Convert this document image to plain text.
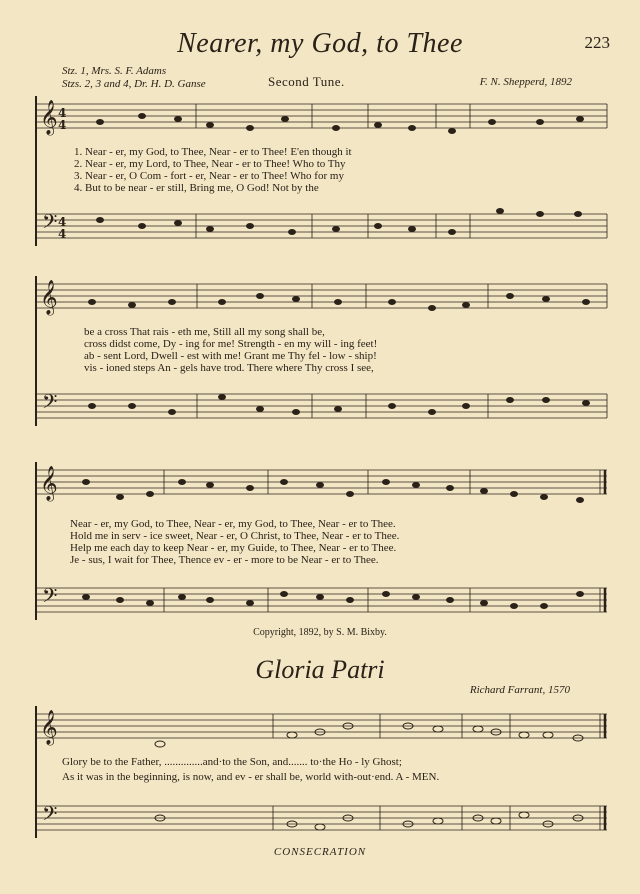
𝄞 4
4
𝄢 4
4
𝄞
𝄢
𝄞
𝄢
𝄞
𝄢
Nearer, my God, to Thee	223
Stz. 1, Mrs. S. F. Adams
Stzs. 2, 3 and 4, Dr. H. D. Ganse	Second Tune.	F. N. Shepperd, 1892
1. Near - er, my God, to Thee, Near - er to Thee! E'en though it
2. Near - er, my Lord, to Thee, Near - er to Thee! Who to Thy
3. Near - er, O Com - fort - er, Near - er to Thee! Who for my
4. But to be near - er still, Bring me, O God! Not by the
be a cross That rais - eth me, Still all my song shall be,
cross didst come, Dy - ing for me! Strength - en my will - ing feet!
ab - sent Lord, Dwell - est with me! Grant me Thy fel - low - ship!
vis - ioned steps An - gels have trod. There where Thy cross I see,
Near - er, my God, to Thee, Near - er, my God, to Thee, Near - er to Thee.
Hold me in serv - ice sweet, Near - er, O Christ, to Thee, Near - er to Thee.
Help me each day to keep Near - er, my Guide, to Thee, Near - er to Thee.
Je - sus, I wait for Thee, Thence ev - er - more to be Near - er to Thee.
Copyright, 1892, by S. M. Bixby.
Gloria Patri
Richard Farrant, 1570
Glory be to the Father, ..............and·to the Son, and....... to·the Ho - ly Ghost;
As it was in the beginning, is now, and ev - er shall be, world with-out·end. A - MEN.
CONSECRATION
